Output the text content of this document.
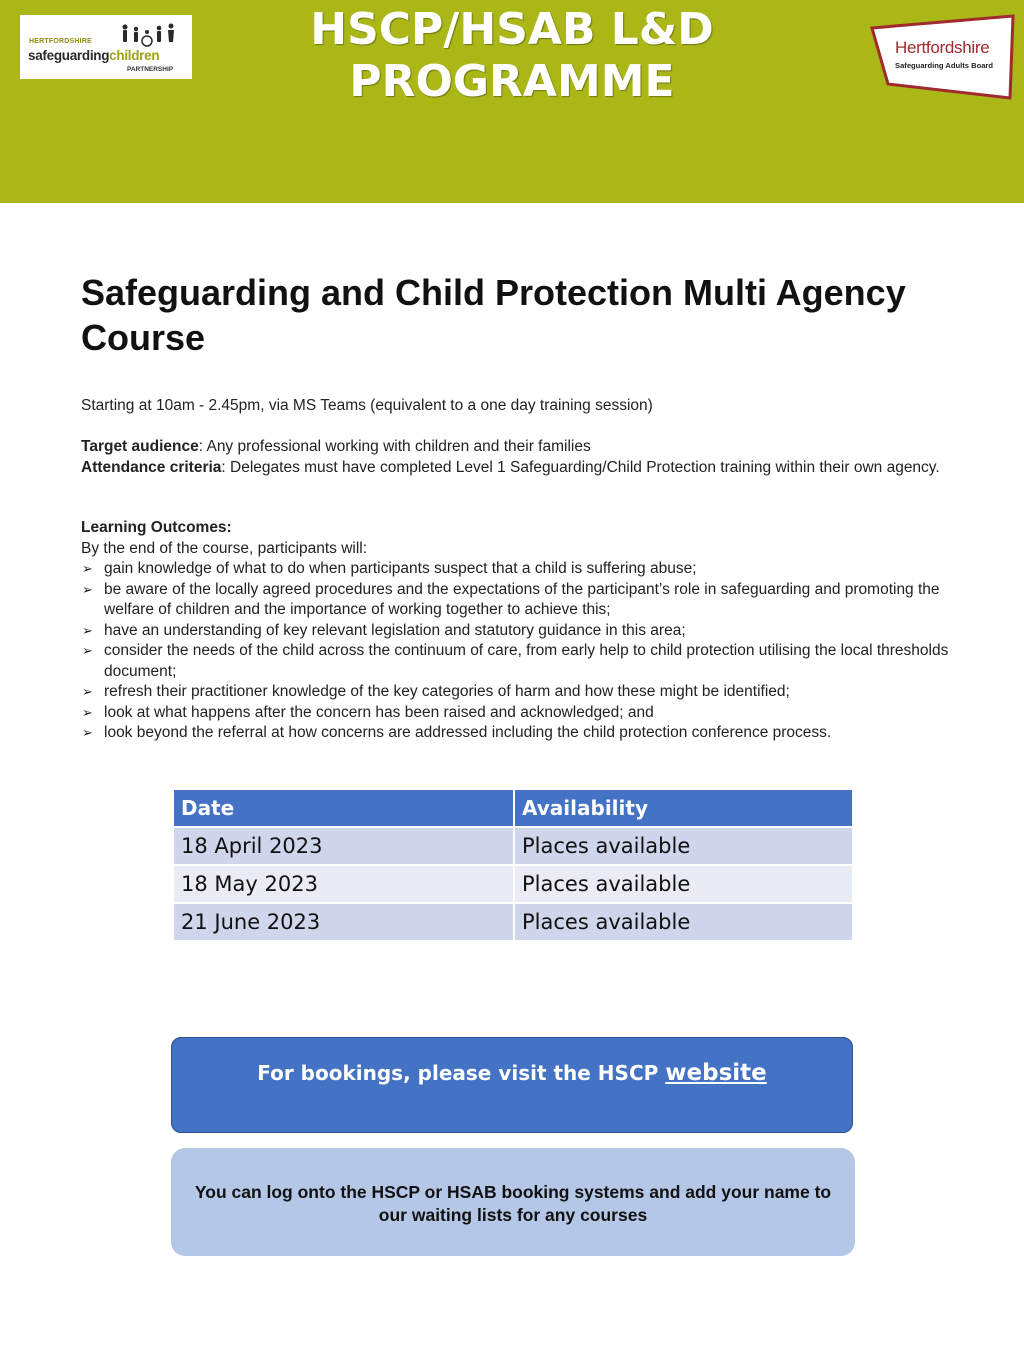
HSCP/HSAB L&D
PROGRAMME
HERTFORDSHIRE
safeguardingchildren
PARTNERSHIP
Hertfordshire
Safeguarding Adults Board
Safeguarding and Child Protection Multi Agency Course
Starting at 10am - 2.45pm, via MS Teams (equivalent to a one day training session)
Target audience: Any professional working with children and their families
Attendance criteria: Delegates must have completed Level 1 Safeguarding/Child Protection training within their own agency.
Learning Outcomes:
By the end of the course, participants will:
➢ gain knowledge of what to do when participants suspect that a child is suffering abuse;
➢ be aware of the locally agreed procedures and the expectations of the participant’s role in safeguarding and promoting the welfare of children and the importance of working together to achieve this;
➢ have an understanding of key relevant legislation and statutory guidance in this area;
➢ consider the needs of the child across the continuum of care, from early help to child protection utilising the local thresholds document;
➢ refresh their practitioner knowledge of the key categories of harm and how these might be identified;
➢ look at what happens after the concern has been raised and acknowledged; and
➢ look beyond the referral at how concerns are addressed including the child protection conference process.
Date	Availability
18 April 2023	Places available
18 May 2023	Places available
21 June 2023	Places available
For bookings, please visit the HSCP website
You can log onto the HSCP or HSAB booking systems and add your name to our waiting lists for any courses
